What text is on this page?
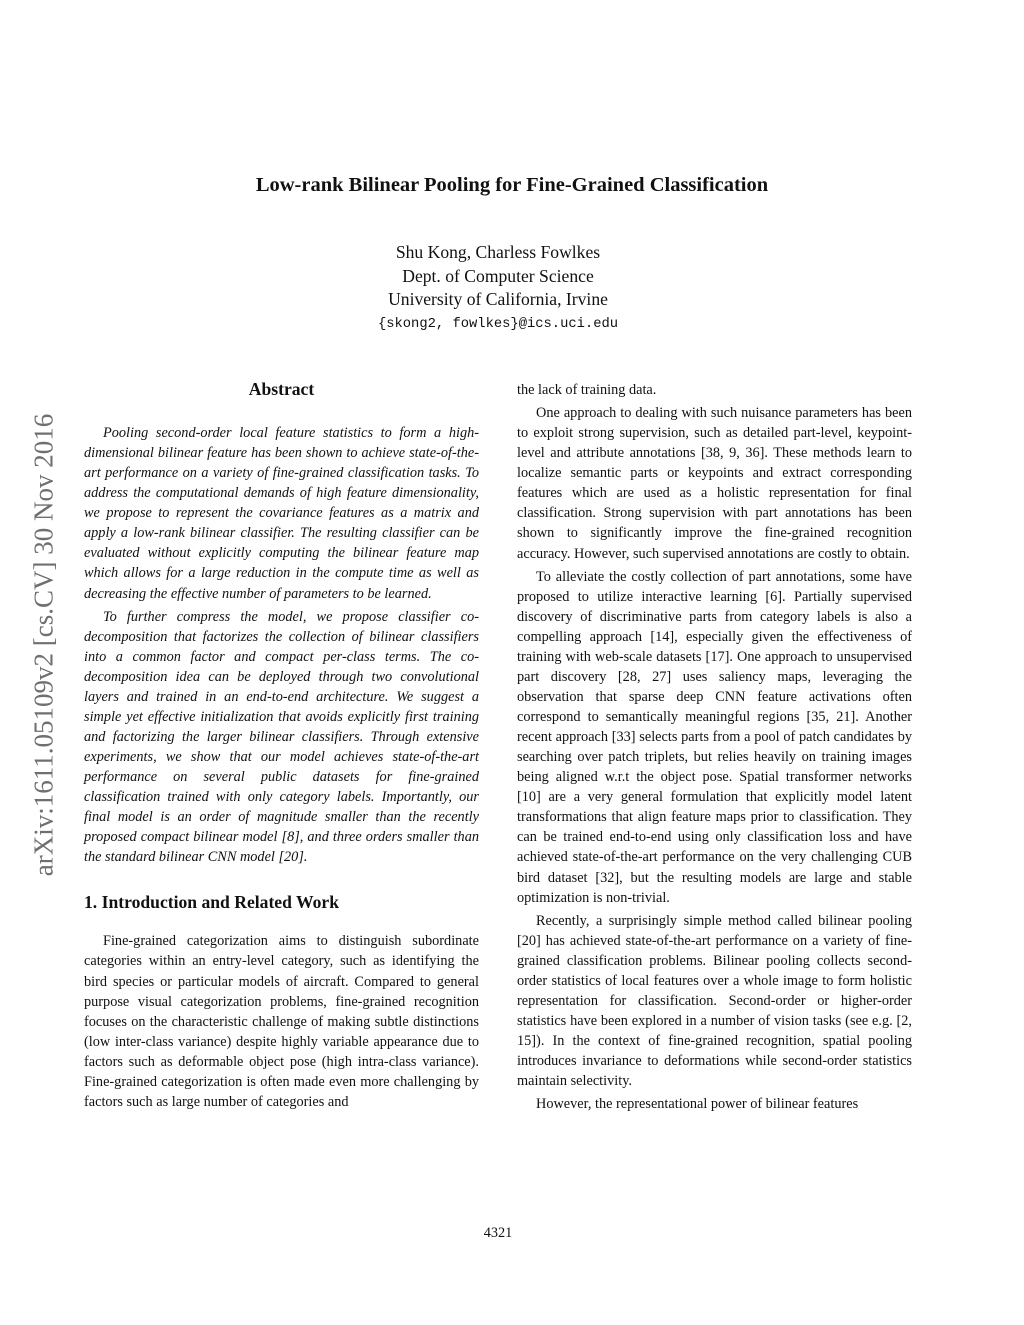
arXiv:1611.05109v2 [cs.CV] 30 Nov 2016
Low-rank Bilinear Pooling for Fine-Grained Classification
Shu Kong, Charless Fowlkes
Dept. of Computer Science
University of California, Irvine
{skong2, fowlkes}@ics.uci.edu
Abstract

Pooling second-order local feature statistics to form a high-dimensional bilinear feature has been shown to achieve state-of-the-art performance on a variety of fine-grained classification tasks. To address the computational demands of high feature dimensionality, we propose to represent the covariance features as a matrix and apply a low-rank bilinear classifier. The resulting classifier can be evaluated without explicitly computing the bilinear feature map which allows for a large reduction in the compute time as well as decreasing the effective number of parameters to be learned.

To further compress the model, we propose classifier co-decomposition that factorizes the collection of bilinear classifiers into a common factor and compact per-class terms. The co-decomposition idea can be deployed through two convolutional layers and trained in an end-to-end architecture. We suggest a simple yet effective initialization that avoids explicitly first training and factorizing the larger bilinear classifiers. Through extensive experiments, we show that our model achieves state-of-the-art performance on several public datasets for fine-grained classification trained with only category labels. Importantly, our final model is an order of magnitude smaller than the recently proposed compact bilinear model [8], and three orders smaller than the standard bilinear CNN model [20].

1. Introduction and Related Work

Fine-grained categorization aims to distinguish subordinate categories within an entry-level category, such as identifying the bird species or particular models of aircraft. Compared to general purpose visual categorization problems, fine-grained recognition focuses on the characteristic challenge of making subtle distinctions (low inter-class variance) despite highly variable appearance due to factors such as deformable object pose (high intra-class variance). Fine-grained categorization is often made even more challenging by factors such as large number of categories and

the lack of training data.

One approach to dealing with such nuisance parameters has been to exploit strong supervision, such as detailed part-level, keypoint-level and attribute annotations [38, 9, 36]. These methods learn to localize semantic parts or keypoints and extract corresponding features which are used as a holistic representation for final classification. Strong supervision with part annotations has been shown to significantly improve the fine-grained recognition accuracy. However, such supervised annotations are costly to obtain.

To alleviate the costly collection of part annotations, some have proposed to utilize interactive learning [6]. Partially supervised discovery of discriminative parts from category labels is also a compelling approach [14], especially given the effectiveness of training with web-scale datasets [17]. One approach to unsupervised part discovery [28, 27] uses saliency maps, leveraging the observation that sparse deep CNN feature activations often correspond to semantically meaningful regions [35, 21]. Another recent approach [33] selects parts from a pool of patch candidates by searching over patch triplets, but relies heavily on training images being aligned w.r.t the object pose. Spatial transformer networks [10] are a very general formulation that explicitly model latent transformations that align feature maps prior to classification. They can be trained end-to-end using only classification loss and have achieved state-of-the-art performance on the very challenging CUB bird dataset [32], but the resulting models are large and stable optimization is non-trivial.

Recently, a surprisingly simple method called bilinear pooling [20] has achieved state-of-the-art performance on a variety of fine-grained classification problems. Bilinear pooling collects second-order statistics of local features over a whole image to form holistic representation for classification. Second-order or higher-order statistics have been explored in a number of vision tasks (see e.g. [2, 15]). In the context of fine-grained recognition, spatial pooling introduces invariance to deformations while second-order statistics maintain selectivity.

However, the representational power of bilinear features

4321
